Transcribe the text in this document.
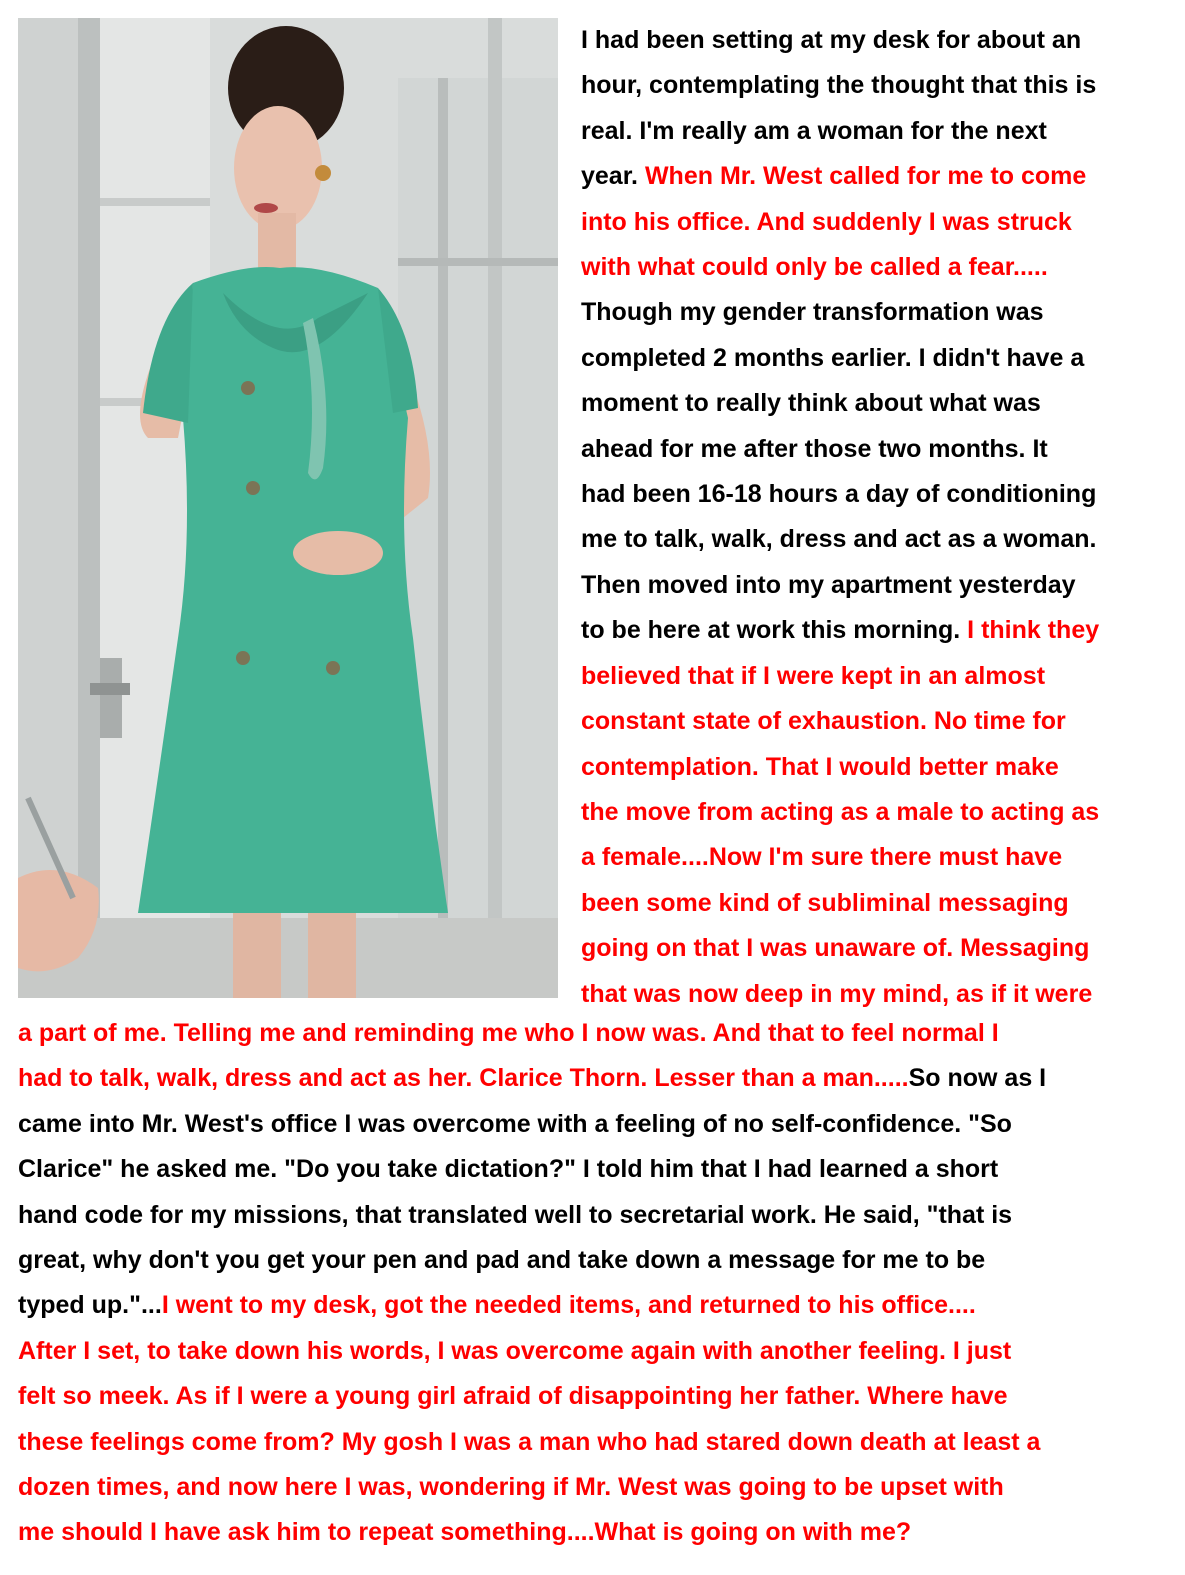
I had been setting at my desk for about an
hour, contemplating the thought that this is
real. I'm really am a woman for the next
year. When Mr. West called for me to come
into his office. And suddenly I was struck
with what could only be called a fear.....
Though my gender transformation was
completed 2 months earlier. I didn't have a
moment to really think about what was
ahead for me after those two months. It
had been 16-18 hours a day of conditioning
me to talk, walk, dress and act as a woman.
Then moved into my apartment yesterday
to be here at work this morning. I think they
believed that if I were kept in an almost
constant state of exhaustion. No time for
contemplation. That I would better make
the move from acting as a male to acting as
a female....Now I'm sure there must have
been some kind of subliminal messaging
going on that I was unaware of. Messaging
that was now deep in my mind, as if it were
a part of me. Telling me and reminding me who I now was. And that to feel normal I
had to talk, walk, dress and act as her. Clarice Thorn. Lesser than a man.....So now as I
came into Mr. West's office I was overcome with a feeling of no self-confidence. "So
Clarice" he asked me. "Do you take dictation?" I told him that I had learned a short
hand code for my missions, that translated well to secretarial work. He said, "that is
great, why don't you get your pen and pad and take down a message for me to be
typed up."...I went to my desk, got the needed items, and returned to his office....
After I set, to take down his words, I was overcome again with another feeling. I just
felt so meek. As if I were a young girl afraid of disappointing her father. Where have
these feelings come from? My gosh I was a man who had stared down death at least a
dozen times, and now here I was, wondering if Mr. West was going to be upset with
me should I have ask him to repeat something....What is going on with me?
